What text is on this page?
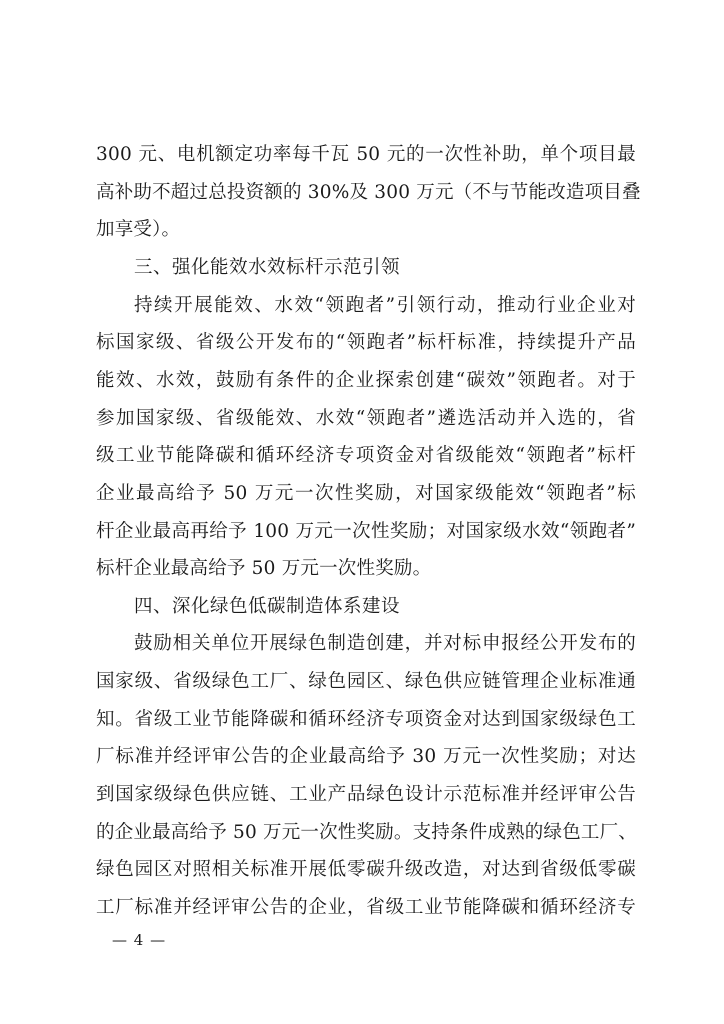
300 元、电机额定功率每千瓦 50 元的一次性补助，单个项目最
高补助不超过总投资额的 30%及 300 万元（不与节能改造项目叠
加享受）。
三、强化能效水效标杆示范引领
持续开展能效、水效“领跑者”引领行动，推动行业企业对
标国家级、省级公开发布的“领跑者”标杆标准，持续提升产品
能效、水效，鼓励有条件的企业探索创建“碳效”领跑者。对于
参加国家级、省级能效、水效“领跑者”遴选活动并入选的，省
级工业节能降碳和循环经济专项资金对省级能效“领跑者”标杆
企业最高给予 50 万元一次性奖励，对国家级能效“领跑者”标
杆企业最高再给予 100 万元一次性奖励；对国家级水效“领跑者”
标杆企业最高给予 50 万元一次性奖励。
四、深化绿色低碳制造体系建设
鼓励相关单位开展绿色制造创建，并对标申报经公开发布的
国家级、省级绿色工厂、绿色园区、绿色供应链管理企业标准通
知。省级工业节能降碳和循环经济专项资金对达到国家级绿色工
厂标准并经评审公告的企业最高给予 30 万元一次性奖励；对达
到国家级绿色供应链、工业产品绿色设计示范标准并经评审公告
的企业最高给予 50 万元一次性奖励。支持条件成熟的绿色工厂、
绿色园区对照相关标准开展低零碳升级改造，对达到省级低零碳
工厂标准并经评审公告的企业，省级工业节能降碳和循环经济专
— 4 —
